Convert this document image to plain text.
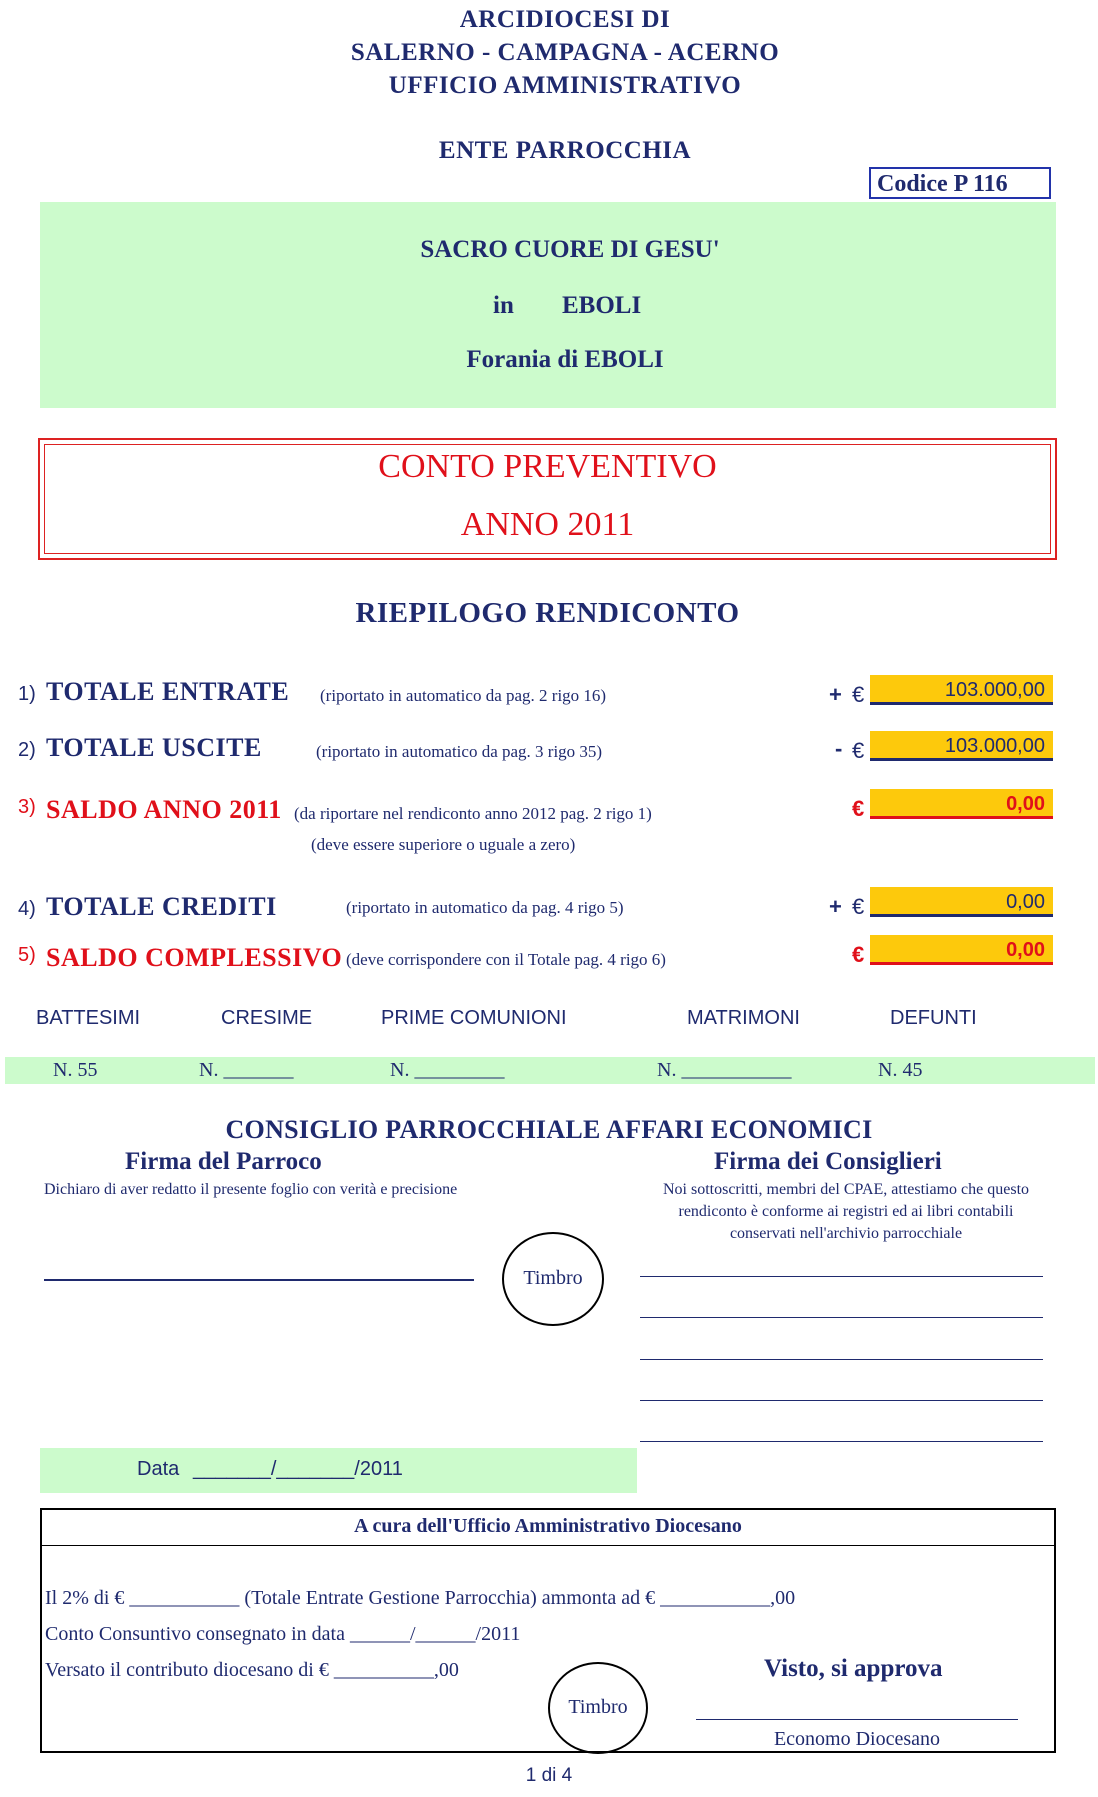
ARCIDIOCESI DI
SALERNO - CAMPAGNA - ACERNO
UFFICIO AMMINISTRATIVO
ENTE PARROCCHIA
Codice P 116
SACRO CUORE DI GESU'
in EBOLI
Forania di EBOLI
CONTO PREVENTIVO
ANNO 2011
RIEPILOGO RENDICONTO
1) TOTALE ENTRATE (riportato in automatico da pag. 2 rigo 16)	+ €	103.000,00
2) TOTALE USCITE	(riportato in automatico da pag. 3 rigo 35)	- €	103.000,00
3) SALDO ANNO 2011 (da riportare nel rendiconto anno 2012 pag. 2 rigo 1)
(deve essere superiore o uguale a zero)
€	0,00
4) TOTALE CREDITI	(riportato in automatico da pag. 4 rigo 5)	+ €	0,00
5) SALDO COMPLESSIVO (deve corrispondere con il Totale pag. 4 rigo 6)	€	0,00
BATTESIMI	CRESIME	PRIME COMUNIONI	MATRIMONI	DEFUNTI
N. 55	N. _______	N. _________	N. ___________	N. 45
CONSIGLIO PARROCCHIALE AFFARI ECONOMICI
Firma del Parroco
Dichiaro di aver redatto il presente foglio con verità e precisione
Firma dei Consiglieri
Noi sottoscritti, membri del CPAE, attestiamo che questo
rendiconto è conforme ai registri ed ai libri contabili
conservati nell'archivio parrocchiale
Timbro
Data _______/_______/2011
A cura dell'Ufficio Amministrativo Diocesano
Il 2% di € ___________ (Totale Entrate Gestione Parrocchia) ammonta ad € ___________,00
Conto Consuntivo consegnato in data ______/______/2011
Versato il contributo diocesano di € __________,00
Timbro
Visto, si approva
Economo Diocesano
1 di 4
